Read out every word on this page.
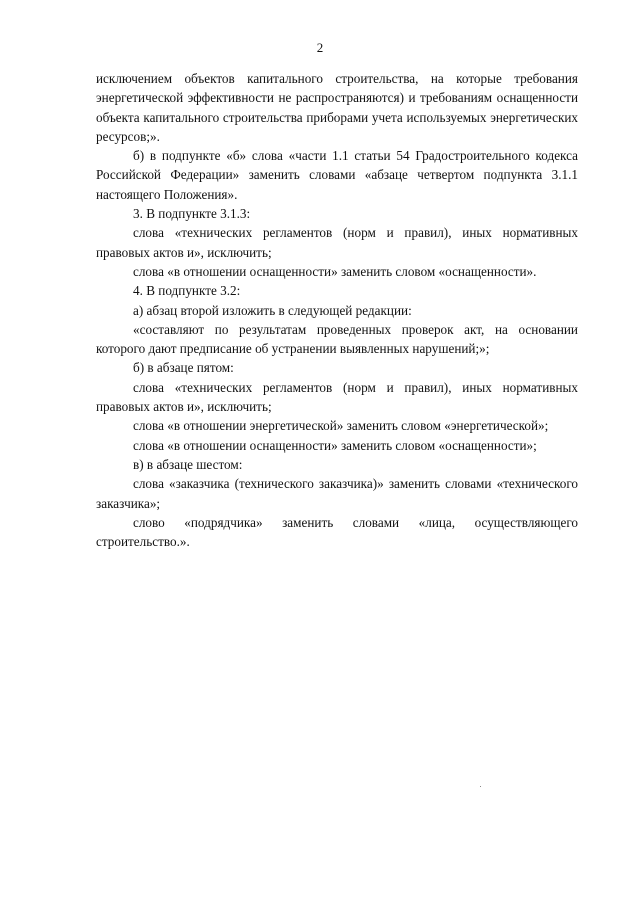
2

исключением объектов капитального строительства, на которые требования энергетической эффективности не распространяются) и требованиям оснащенности объекта капитального строительства приборами учета используемых энергетических ресурсов;».

б) в подпункте «б» слова «части 1.1 статьи 54 Градостроительного кодекса Российской Федерации» заменить словами «абзаце четвертом подпункта 3.1.1 настоящего Положения».

3. В подпункте 3.1.3:

слова «технических регламентов (норм и правил), иных нормативных правовых актов и», исключить;

слова «в отношении оснащенности» заменить словом «оснащенности».

4. В подпункте 3.2:

а) абзац второй изложить в следующей редакции:

«составляют по результатам проведенных проверок акт, на основании которого дают предписание об устранении выявленных нарушений;»;

б) в абзаце пятом:

слова «технических регламентов (норм и правил), иных нормативных правовых актов и», исключить;

слова «в отношении энергетической» заменить словом «энергетической»;

слова «в отношении оснащенности» заменить словом «оснащенности»;

в) в абзаце шестом:

слова «заказчика (технического заказчика)» заменить словами «технического заказчика»;

слово «подрядчика» заменить словами «лица, осуществляющего строительство.».
